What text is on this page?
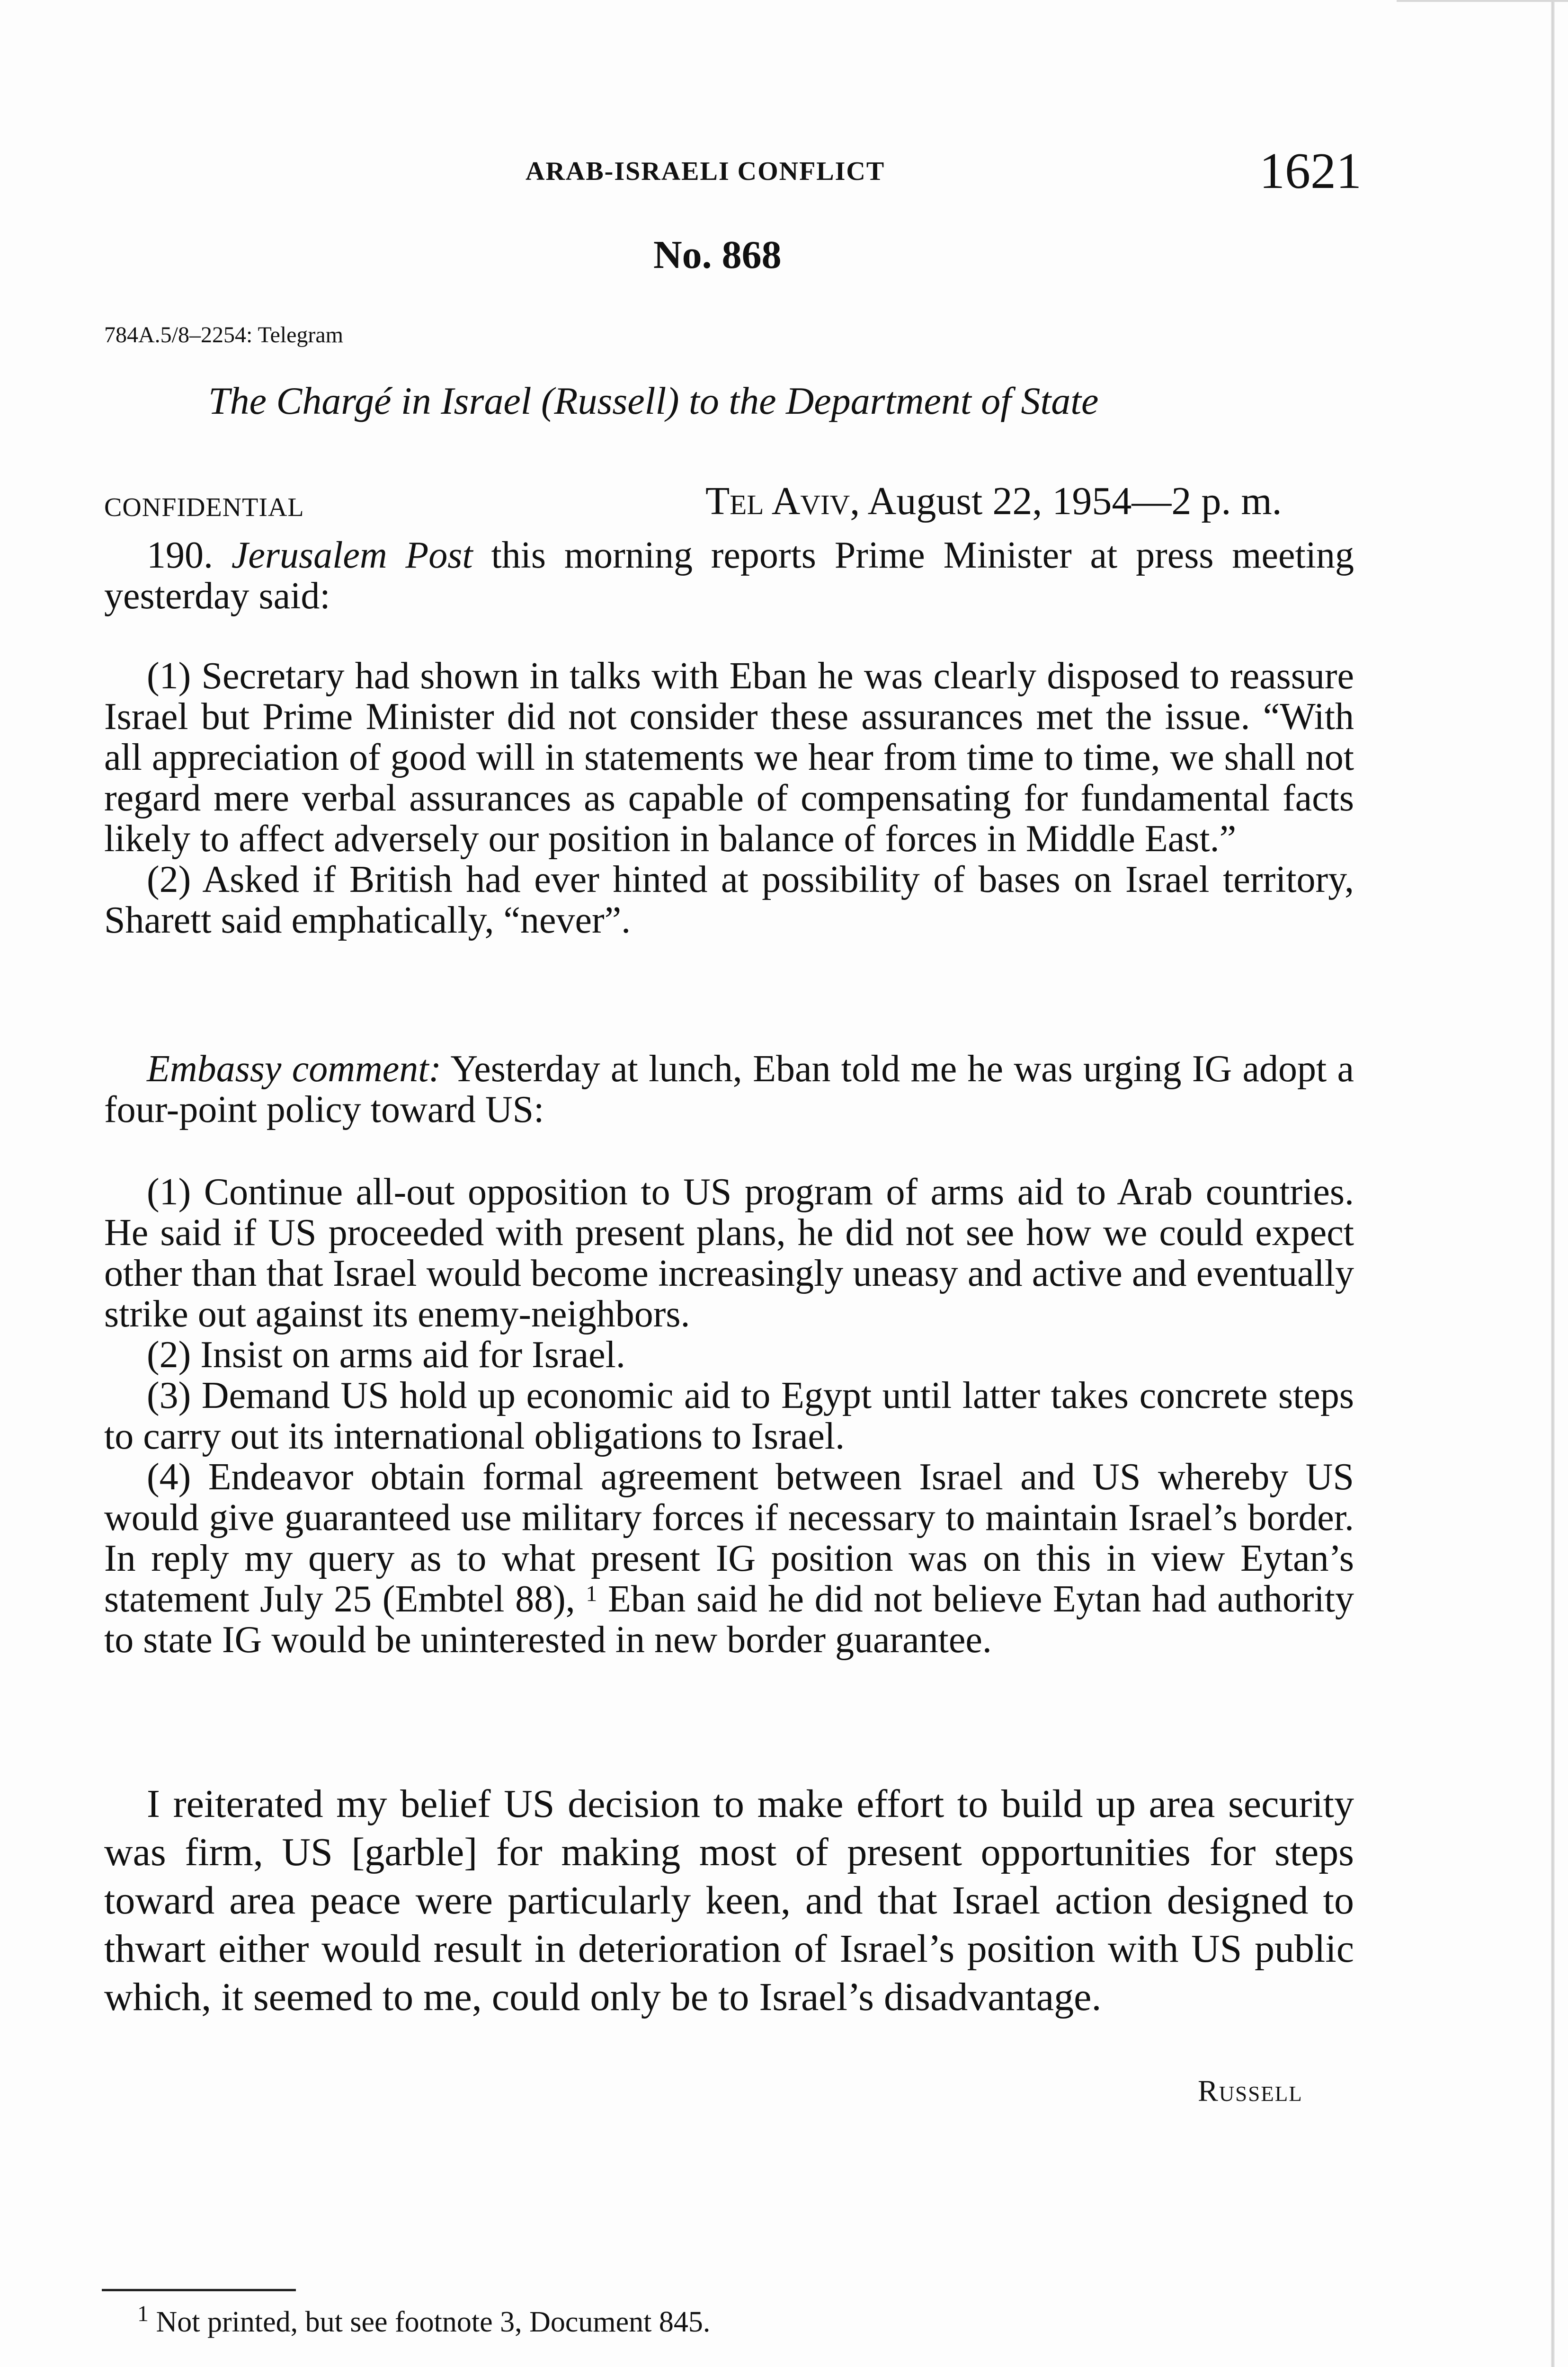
ARAB-ISRAELI CONFLICT	1621
No. 868
784A.5/8–2254: Telegram
The Chargé in Israel (Russell) to the Department of State
CONFIDENTIAL	Tel Aviv, August 22, 1954—2 p. m.

190. Jerusalem Post this morning reports Prime Minister at press meeting yesterday said:

(1) Secretary had shown in talks with Eban he was clearly disposed to reassure Israel but Prime Minister did not consider these assurances met the issue. “With all appreciation of good will in statements we hear from time to time, we shall not regard mere verbal assurances as capable of compensating for fundamental facts likely to affect adversely our position in balance of forces in Middle East.”

(2) Asked if British had ever hinted at possibility of bases on Israel territory, Sharett said emphatically, “never”.

Embassy comment: Yesterday at lunch, Eban told me he was urging IG adopt a four-point policy toward US:

(1) Continue all-out opposition to US program of arms aid to Arab countries. He said if US proceeded with present plans, he did not see how we could expect other than that Israel would become increasingly uneasy and active and eventually strike out against its enemy-neighbors.

(2) Insist on arms aid for Israel.

(3) Demand US hold up economic aid to Egypt until latter takes concrete steps to carry out its international obligations to Israel.

(4) Endeavor obtain formal agreement between Israel and US whereby US would give guaranteed use military forces if necessary to maintain Israel’s border. In reply my query as to what present IG position was on this in view Eytan’s statement July 25 (Embtel 88), $^1$ Eban said he did not believe Eytan had authority to state IG would be uninterested in new border guarantee.

I reiterated my belief US decision to make effort to build up area security was firm, US [garble] for making most of present opportunities for steps toward area peace were particularly keen, and that Israel action designed to thwart either would result in deterioration of Israel’s position with US public which, it seemed to me, could only be to Israel’s disadvantage.

Russell
$^1$ Not printed, but see footnote 3, Document 845.
